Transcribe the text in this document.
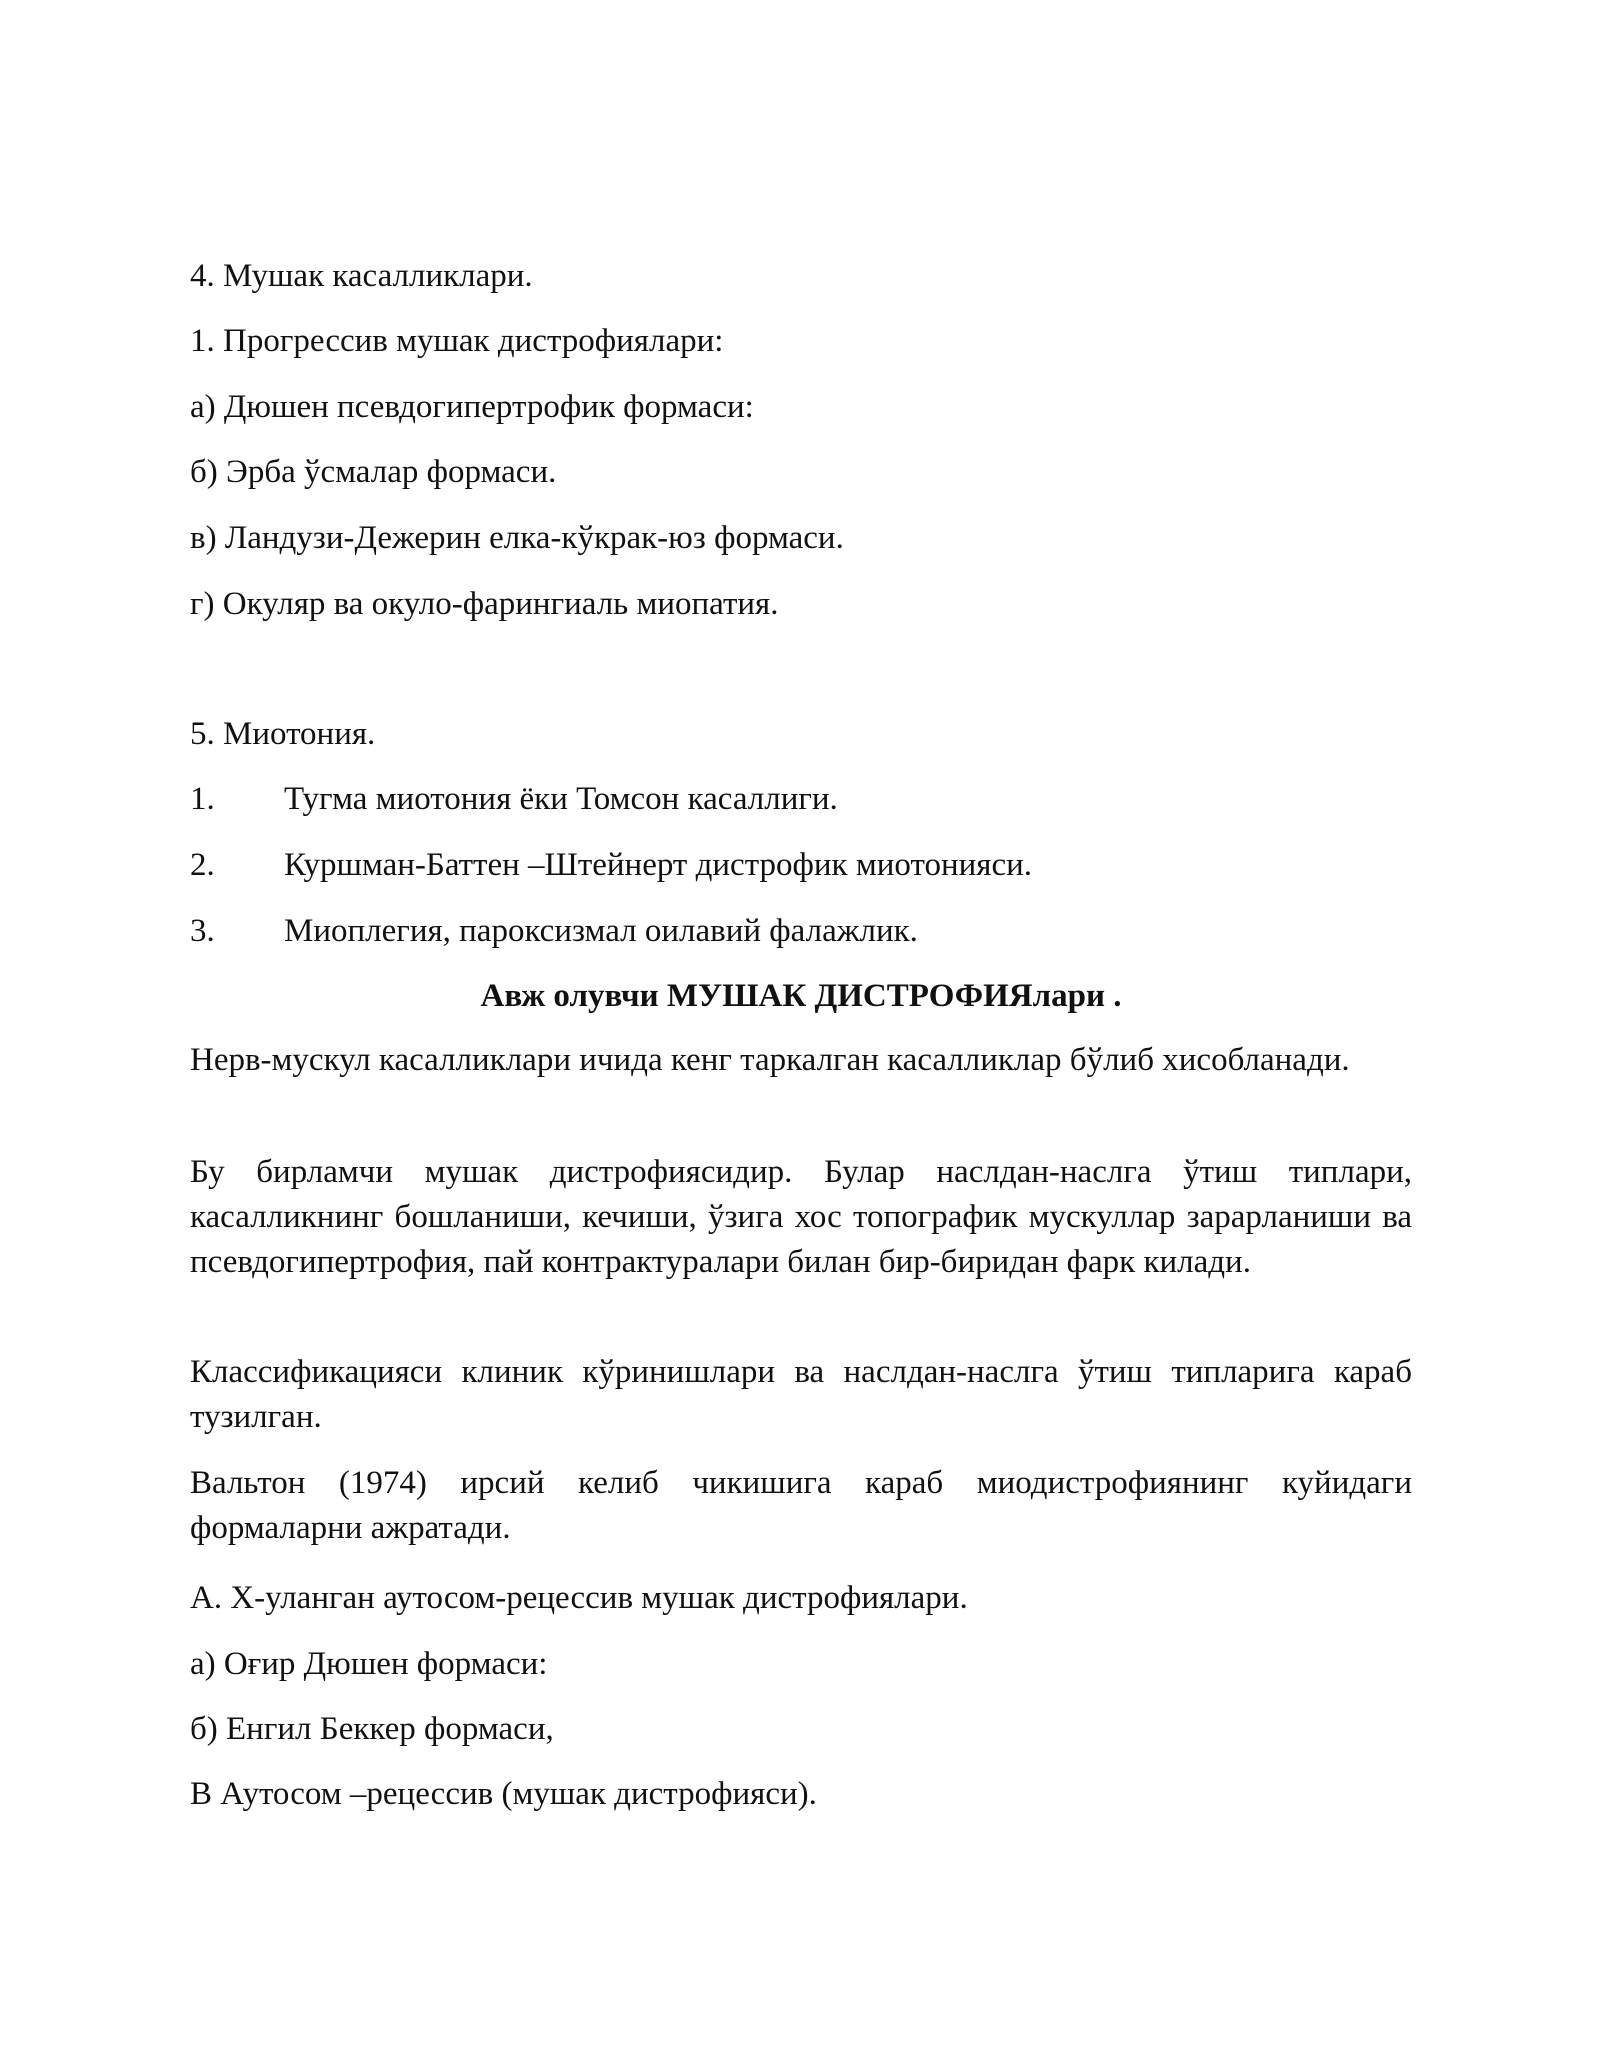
4. Мушак касалликлари.
1. Прогрессив мушак дистрофиялари:
а) Дюшен псевдогипертрофик формаси:
б) Эрба ўсмалар формаси.
в) Ландузи-Дежерин елка-кўкрак-юз формаси.
г) Окуляр ва окуло-фарингиаль миопатия.
5. Миотония.
1. Тугма миотония ёки Томсон касаллиги.
2. Куршман-Баттен –Штейнерт дистрофик миотонияси.
3. Миоплегия, пароксизмал оилавий фалажлик.
Авж олувчи МУШАК ДИСТРОФИЯлари .
Нерв-мускул касалликлари ичида кенг таркалган касалликлар бўлиб хисобланади.
Бу бирламчи мушак дистрофиясидир. Булар наслдан-наслга ўтиш типлари, касалликнинг бошланиши, кечиши, ўзига хос топографик мускуллар зарарланиши ва псевдогипертрофия, пай контрактуралари билан бир-биридан фарк килади.
Классификацияси клиник кўринишлари ва наслдан-наслга ўтиш типларига караб тузилган.
Вальтон (1974) ирсий келиб чикишига караб миодистрофиянинг куйидаги формаларни ажратади.
А. Х-уланган аутосом-рецессив мушак дистрофиялари.
а) Оғир Дюшен формаси:
б) Енгил Беккер формаси,
В Аутосом –рецессив (мушак дистрофияси).
